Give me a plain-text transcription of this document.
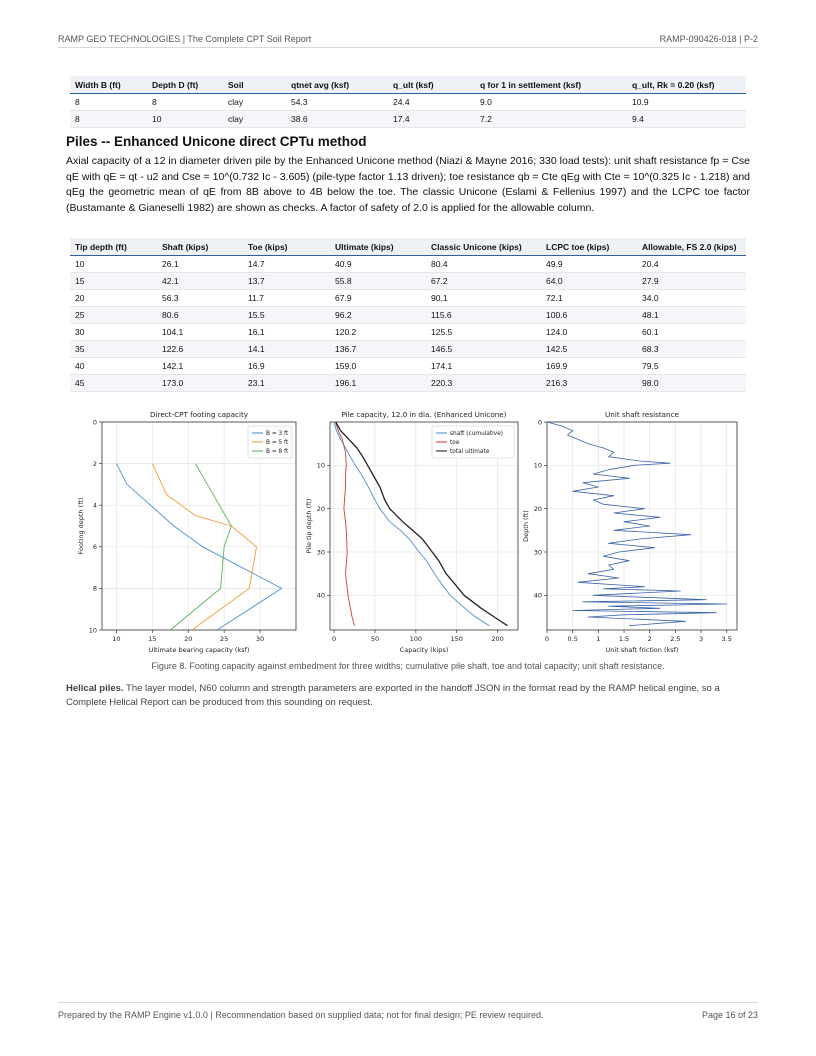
RAMP GEO TECHNOLOGIES | The Complete CPT Soil Report	RAMP-090426-018 | P-2
Width B (ft)	Depth D (ft)	Soil	qtnet avg (ksf)	q_ult (ksf)	q for 1 in settlement (ksf)	q_ult, Rk = 0.20 (ksf)
8	8	clay	54.3	24.4	9.0	10.9
8	10	clay	38.6	17.4	7.2	9.4
Piles -- Enhanced Unicone direct CPTu method
Axial capacity of a 12 in diameter driven pile by the Enhanced Unicone method (Niazi & Mayne 2016; 330 load tests): unit shaft resistance fp = Cse qE with qE = qt - u2 and Cse = 10^(0.732 Ic - 3.605) (pile-type factor 1.13 driven); toe resistance qb = Cte qEg with Cte = 10^(0.325 Ic - 1.218) and qEg the geometric mean of qE from 8B above to 4B below the toe. The classic Unicone (Eslami & Fellenius 1997) and the LCPC toe factor (Bustamante & Gianeselli 1982) are shown as checks. A factor of safety of 2.0 is applied for the allowable column.
Tip depth (ft)	Shaft (kips)	Toe (kips)	Ultimate (kips)	Classic Unicone (kips)	LCPC toe (kips)	Allowable, FS 2.0 (kips)
10	26.1	14.7	40.9	80.4	49.9	20.4
15	42.1	13.7	55.8	67.2	64.0	27.9
20	56.3	11.7	67.9	90.1	72.1	34.0
25	80.6	15.5	96.2	115.6	100.6	48.1
30	104.1	16.1	120.2	125.5	124.0	60.1
35	122.6	14.1	136.7	146.5	142.5	68.3
40	142.1	16.9	159.0	174.1	169.9	79.5
45	173.0	23.1	196.1	220.3	216.3	98.0
10	15	20	25	30
0
2
4
6
8
10
Direct-CPT footing capacity
Ultimate bearing capacity (ksf)
Footing depth (ft)
B = 3 ft
B = 5 ft
B = 8 ft
0	50	100	150	200
10
20
30
40
Pile capacity, 12.0 in dia. (Enhanced Unicone)
Capacity (kips)
Pile tip depth (ft)
shaft (cumulative)
toe
total ultimate
0	0.5	1	1.5	2	2.5	3	3.5
0
10
20
30
40
Unit shaft resistance
Unit shaft friction (ksf)
Depth (ft)
Figure 8. Footing capacity against embedment for three widths; cumulative pile shaft, toe and total capacity; unit shaft resistance.
Helical piles. The layer model, N60 column and strength parameters are exported in the handoff JSON in the format read by the RAMP helical engine, so a Complete Helical Report can be produced from this sounding on request.
Prepared by the RAMP Engine v1.0.0 | Recommendation based on supplied data; not for final design; PE review required.	Page 16 of 23
